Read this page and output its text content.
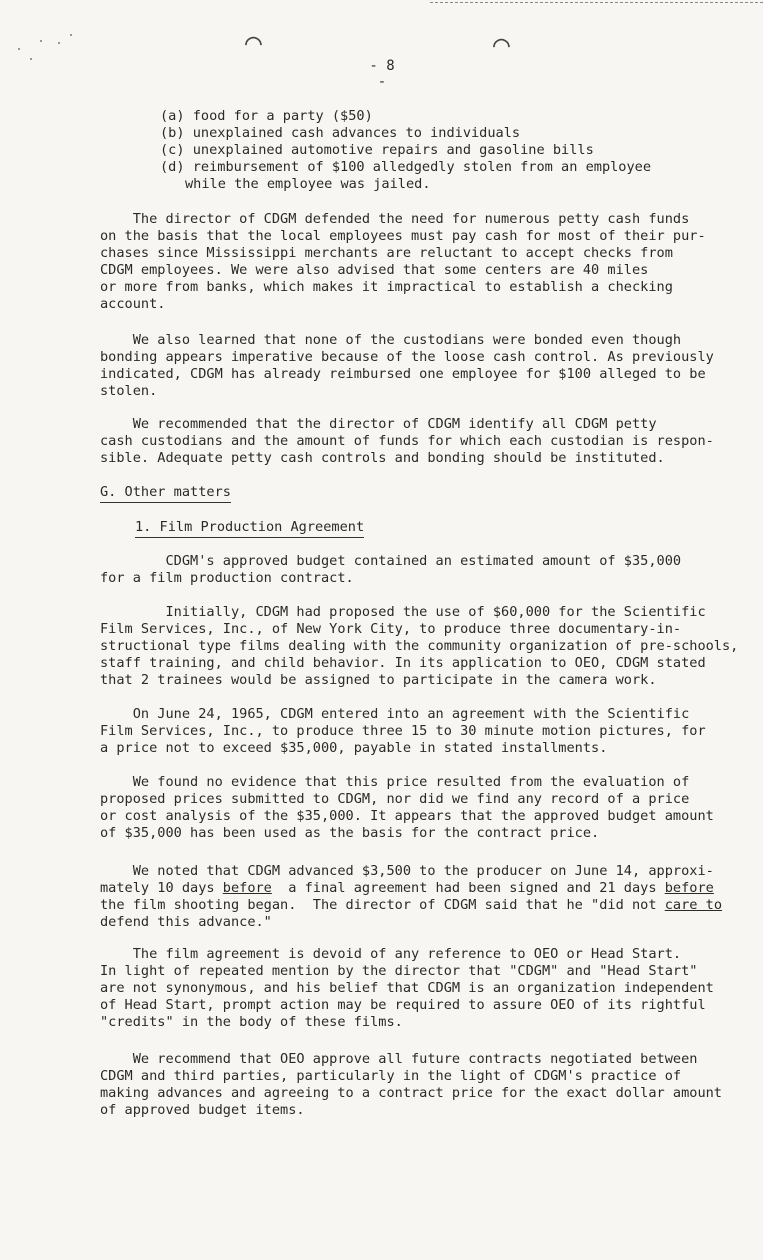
⌒	⌒
- 8 -
(a) food for a party ($50)
(b) unexplained cash advances to individuals
(c) unexplained automotive repairs and gasoline bills
(d) reimbursement of $100 alledgedly stolen from an employee
while the employee was jailed.

The director of CDGM defended the need for numerous petty cash funds

on the basis that the local employees must pay cash for most of their pur-

chases since Mississippi merchants are reluctant to accept checks from

CDGM employees. We were also advised that some centers are 40 miles

or more from banks, which makes it impractical to establish a checking

account.

We also learned that none of the custodians were bonded even though

bonding appears imperative because of the loose cash control. As previously

indicated, CDGM has already reimbursed one employee for $100 alleged to be

stolen.

We recommended that the director of CDGM identify all CDGM petty

cash custodians and the amount of funds for which each custodian is respon-

sible. Adequate petty cash controls and bonding should be instituted.

G. Other matters
1. Film Production Agreement

CDGM's approved budget contained an estimated amount of $35,000

for a film production contract.

Initially, CDGM had proposed the use of $60,000 for the Scientific

Film Services, Inc., of New York City, to produce three documentary-in-

structional type films dealing with the community organization of pre-schools,

staff training, and child behavior. In its application to OEO, CDGM stated

that 2 trainees would be assigned to participate in the camera work.

On June 24, 1965, CDGM entered into an agreement with the Scientific

Film Services, Inc., to produce three 15 to 30 minute motion pictures, for

a price not to exceed $35,000, payable in stated installments.

We found no evidence that this price resulted from the evaluation of

proposed prices submitted to CDGM, nor did we find any record of a price

or cost analysis of the $35,000. It appears that the approved budget amount

of $35,000 has been used as the basis for the contract price.

We noted that CDGM advanced $3,500 to the producer on June 14, approxi-

mately 10 days before  a final agreement had been signed and 21 days before

the film shooting began.  The director of CDGM said that he "did not care to

defend this advance."

The film agreement is devoid of any reference to OEO or Head Start.

In light of repeated mention by the director that "CDGM" and "Head Start"

are not synonymous, and his belief that CDGM is an organization independent

of Head Start, prompt action may be required to assure OEO of its rightful

"credits" in the body of these films.

We recommend that OEO approve all future contracts negotiated between

CDGM and third parties, particularly in the light of CDGM's practice of

making advances and agreeing to a contract price for the exact dollar amount

of approved budget items.
